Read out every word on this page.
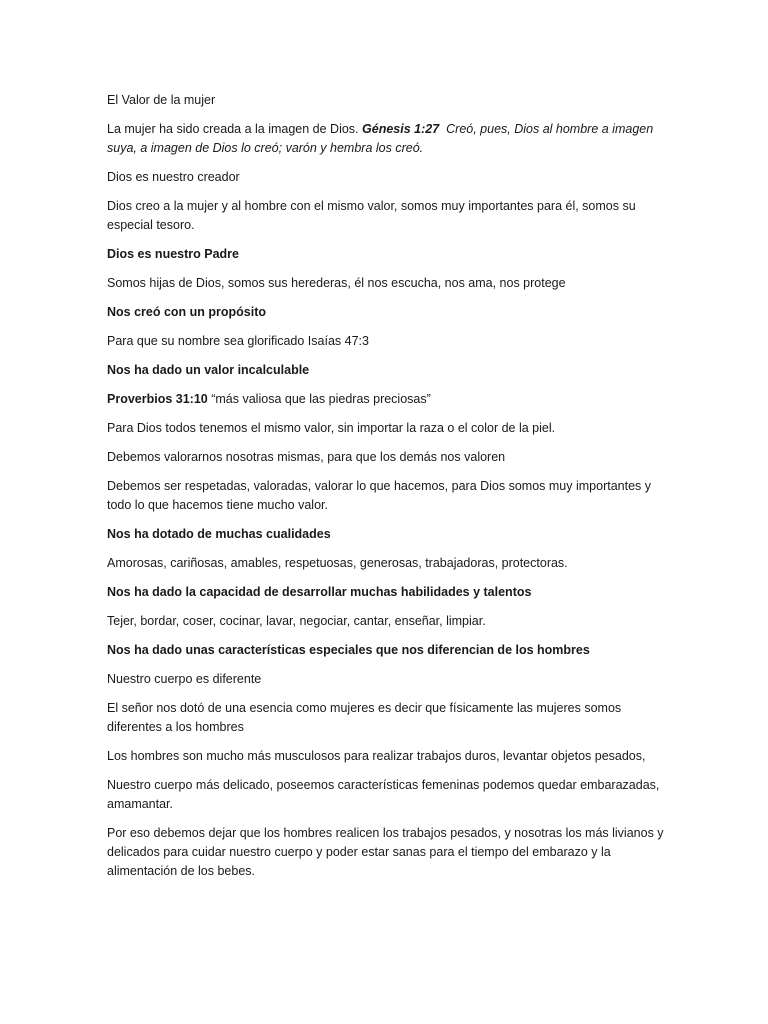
El Valor de la mujer

La mujer ha sido creada a la imagen de Dios. Génesis 1:27 Creó, pues, Dios al hombre a imagen suya, a imagen de Dios lo creó; varón y hembra los creó.

Dios es nuestro creador

Dios creo a la mujer y al hombre con el mismo valor, somos muy importantes para él, somos su especial tesoro.

Dios es nuestro Padre

Somos hijas de Dios, somos sus herederas, él nos escucha, nos ama, nos protege

Nos creó con un propósito

Para que su nombre sea glorificado Isaías 47:3

Nos ha dado un valor incalculable

Proverbios 31:10 “más valiosa que las piedras preciosas”

Para Dios todos tenemos el mismo valor, sin importar la raza o el color de la piel.

Debemos valorarnos nosotras mismas, para que los demás nos valoren

Debemos ser respetadas, valoradas, valorar lo que hacemos, para Dios somos muy importantes y todo lo que hacemos tiene mucho valor.

Nos ha dotado de muchas cualidades

Amorosas, cariñosas, amables, respetuosas, generosas, trabajadoras, protectoras.

Nos ha dado la capacidad de desarrollar muchas habilidades y talentos

Tejer, bordar, coser, cocinar, lavar, negociar, cantar, enseñar, limpiar.

Nos ha dado unas características especiales que nos diferencian de los hombres

Nuestro cuerpo es diferente

El señor nos dotó de una esencia como mujeres es decir que físicamente las mujeres somos diferentes a los hombres

Los hombres son mucho más musculosos para realizar trabajos duros, levantar objetos pesados,

Nuestro cuerpo más delicado, poseemos características femeninas podemos quedar embarazadas, amamantar.

Por eso debemos dejar que los hombres realicen los trabajos pesados, y nosotras los más livianos y delicados para cuidar nuestro cuerpo y poder estar sanas para el tiempo del embarazo y la alimentación de los bebes.
